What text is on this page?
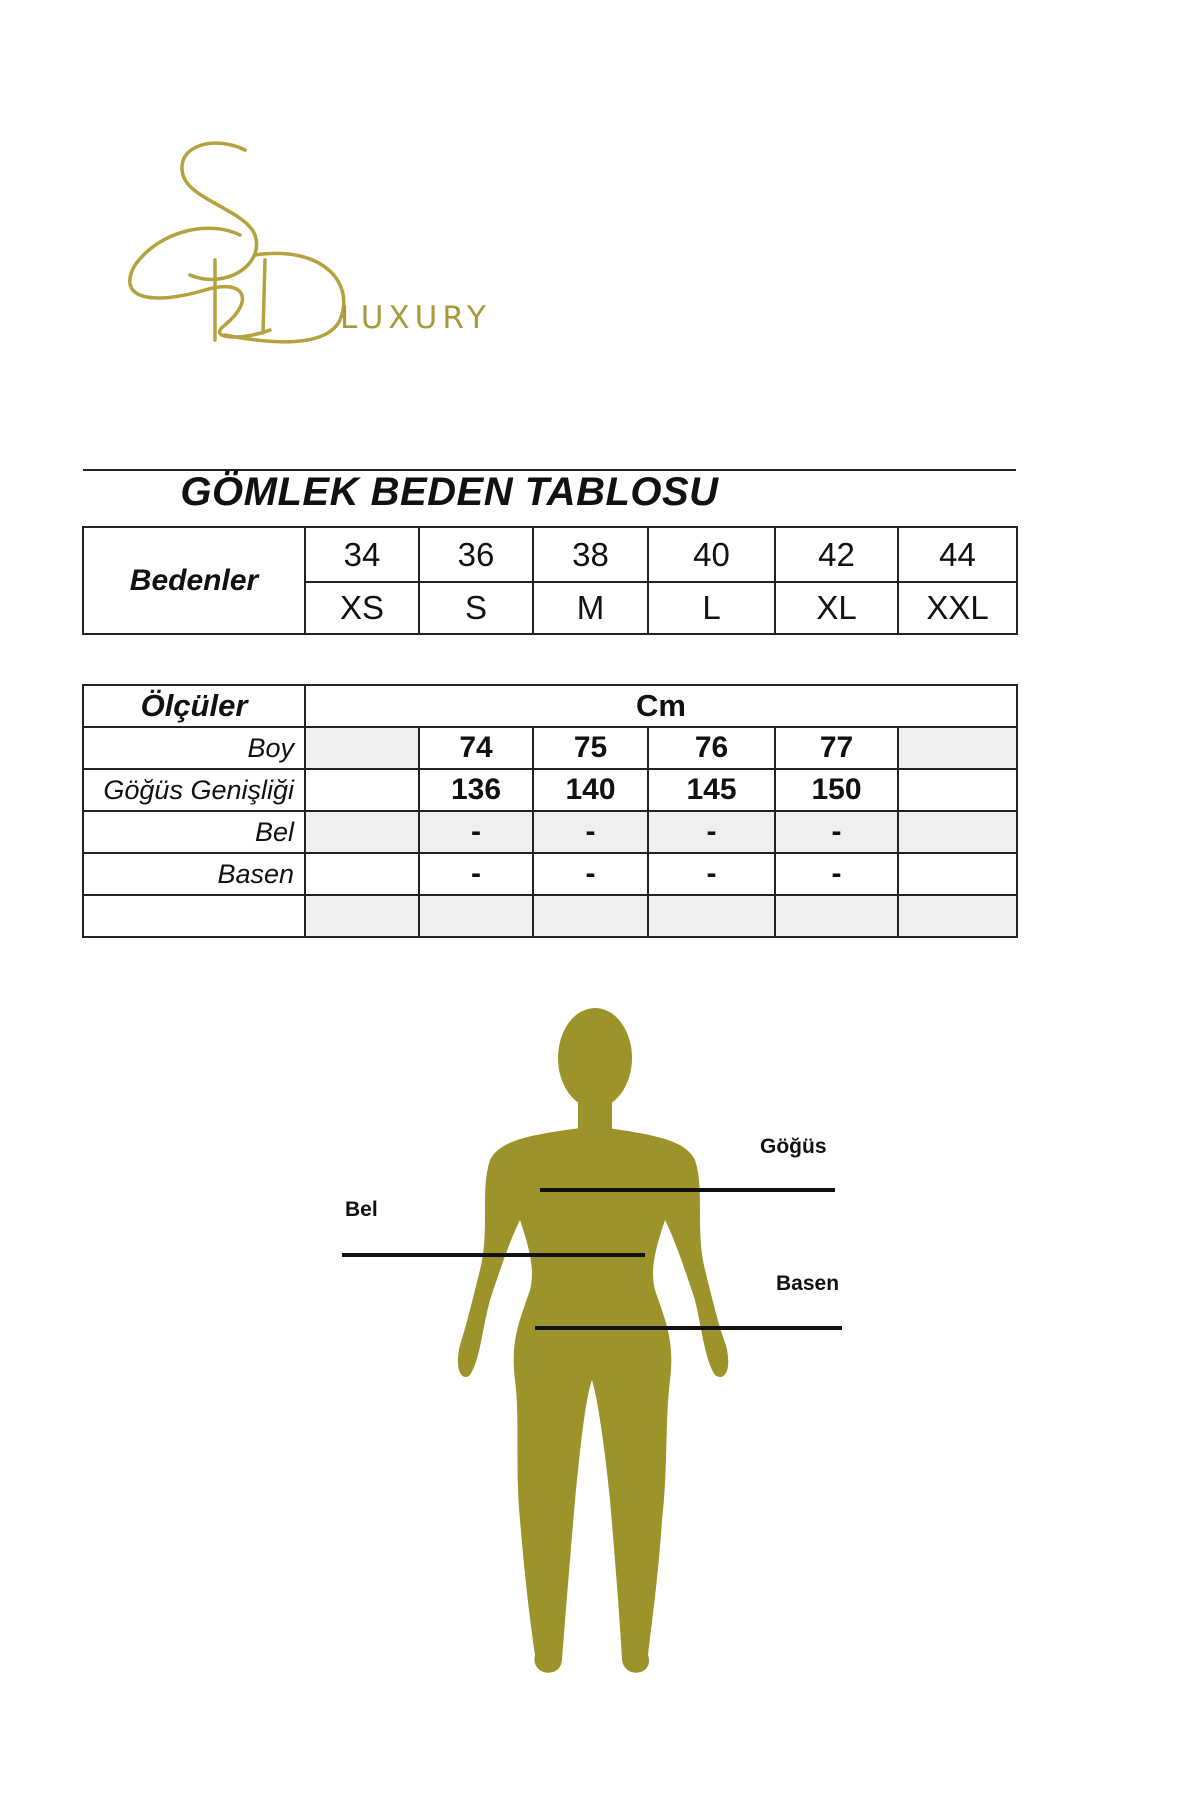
LUXURY
GÖMLEK BEDEN TABLOSU
Bedenler	34	36	38	40	42	44
	XS	S	M	L	XL	XXL
Ölçüler	Cm					
Boy		74	75	76	77	
Göğüs Genişliği		136	140	145	150	
Bel		-	-	-	-	
Basen		-	-	-	-	

Göğüs
Bel
Basen
